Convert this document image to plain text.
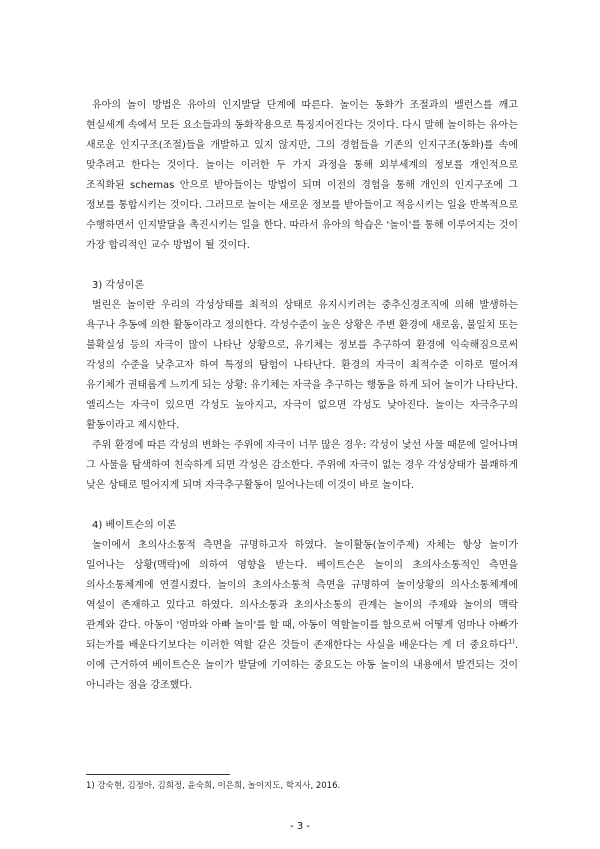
유아의 놀이 방법은 유아의 인지발달 단계에 따른다. 놀이는 동화가 조절과의 밸런스를 깨고 현실세계 속에서 모든 요소들과의 동화작용으로 특징지어진다는 것이다. 다시 말해 놀이하는 유아는 새로운 인지구조(조절)들을 개발하고 있지 않지만, 그의 경험들을 기존의 인지구조(동화)를 속에 맞추려고 한다는 것이다. 놀이는 이러한 두 가지 과정을 통해 외부세계의 정보를 개인적으로 조직화된 schemas 안으로 받아들이는 방법이 되며 이전의 경험을 통해 개인의 인지구조에 그 정보를 통합시키는 것이다. 그러므로 놀이는 새로운 정보를 받아들이고 적응시키는 일을 반복적으로 수행하면서 인지발달을 촉진시키는 일을 한다. 따라서 유아의 학습은 '놀이'를 통해 이루어지는 것이 가장 합리적인 교수 방법이 될 것이다.

3) 각성이론

벌린은 놀이란 우리의 각성상태를 최적의 상태로 유지시키려는 중추신경조직에 의해 발생하는 욕구나 추동에 의한 활동이라고 정의한다. 각성수준이 높은 상황은 주변 환경에 새로움, 불일치 또는 불확실성 등의 자극이 많이 나타난 상황으로, 유기체는 정보를 추구하여 환경에 익숙해짐으로써 각성의 수준을 낮추고자 하여 특정의 탐험이 나타난다. 환경의 자극이 최적수준 이하로 떨어져 유기체가 권태롭게 느끼게 되는 상황: 유기체는 자극을 추구하는 행동을 하게 되어 놀이가 나타난다. 엘리스는 자극이 있으면 각성도 높아지고, 자극이 없으면 각성도 낮아진다. 놀이는 자극추구의 활동이라고 제시한다.

주위 환경에 따른 각성의 변화는 주위에 자극이 너무 많은 경우: 각성이 낯선 사물 때문에 일어나며 그 사물을 탐색하여 친숙하게 되면 각성은 감소한다. 주위에 자극이 없는 경우 각성상태가 불쾌하게 낮은 상태로 떨어지게 되며 자극추구활동이 일어나는데 이것이 바로 놀이다.

4) 베이트슨의 이론

놀이에서 초의사소통적 측면을 규명하고자 하였다. 놀이활동(놀이주제) 자체는 항상 놀이가 일어나는 상황(맥락)에 의하여 영향을 받는다. 베이트슨은 놀이의 초의사소통적인 측면을 의사소통체계에 연결시켰다. 놀이의 초의사소통적 측면을 규명하여 놀이상황의 의사소통체계에 역설이 존재하고 있다고 하였다. 의사소통과 초의사소통의 관계는 놀이의 주제와 놀이의 맥락 관계와 같다. 아동이 '엄마와 아빠 놀이'를 할 때, 아동이 역할놀이를 함으로써 어떻게 엄마나 아빠가 되는가를 배운다기보다는 이러한 역할 같은 것들이 존재한다는 사실을 배운다는 게 더 중요하다$^{1)}$. 이에 근거하여 베이트슨은 놀이가 발달에 기여하는 중요도는 아동 놀이의 내용에서 발견되는 것이 아니라는 점을 강조했다.

1) 강숙현, 김정아, 김희정, 윤숙희, 이은희, 놀이지도, 학지사, 2016.
- 3 -
